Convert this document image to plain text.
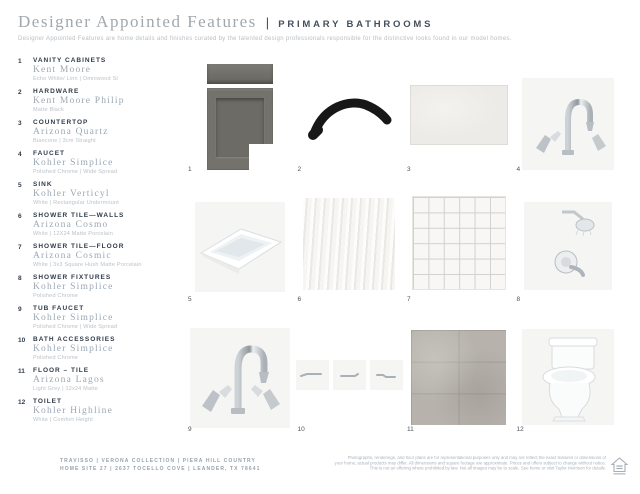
Designer Appointed Features | PRIMARY BATHROOMS
Designer Appointed Features are home details and finishes curated by the talented design professionals responsible for the distinctive looks found in our model homes.
1	VANITY CABINETS
Kent Moore
Echo White/ Linn | Omniwood St
2	HARDWARE
Kent Moore Philip
Matte Black
3	COUNTERTOP
Arizona Quartz
Biancone | 3cm Straight
4	FAUCET
Kohler Simplice
Polished Chrome | Wide Spread
5	SINK
Kohler Verticyl
White | Rectangular Undermount
6	SHOWER TILE—WALLS
Arizona Cosmo
White | 12X24 Matte Porcelain
7	SHOWER TILE—FLOOR
Arizona Cosmic
White | 3x3 Square Hush Matte Porcelain
8	SHOWER FIXTURES
Kohler Simplice
Polished Chrome
9	TUB FAUCET
Kohler Simplice
Polished Chrome | Wide Spread
10	BATH ACCESSORIES
Kohler Simplice
Polished Chrome
11	FLOOR – TILE
Arizona Lagos
Light Grey | 12x24 Matte
12	TOILET
Kohler Highline
White | Comfort Height
1	2	3	4
5	6	7	8
9	10	11	12
TRAVISSO | VERONA COLLECTION | PIERA HILL COUNTRY
HOME SITE 27 | 2637 TOCELLO COVE | LEANDER, TX 78641
Photographs, renderings, and floor plans are for representational purposes only and may not reflect the exact features or dimensions of
your home; actual products may differ. All dimensions and square footage are approximate. Prices and offers subject to change without notice.
This is not an offering where prohibited by law. Not all images may be to scale. See home or visit Taylor Morrison for details.
